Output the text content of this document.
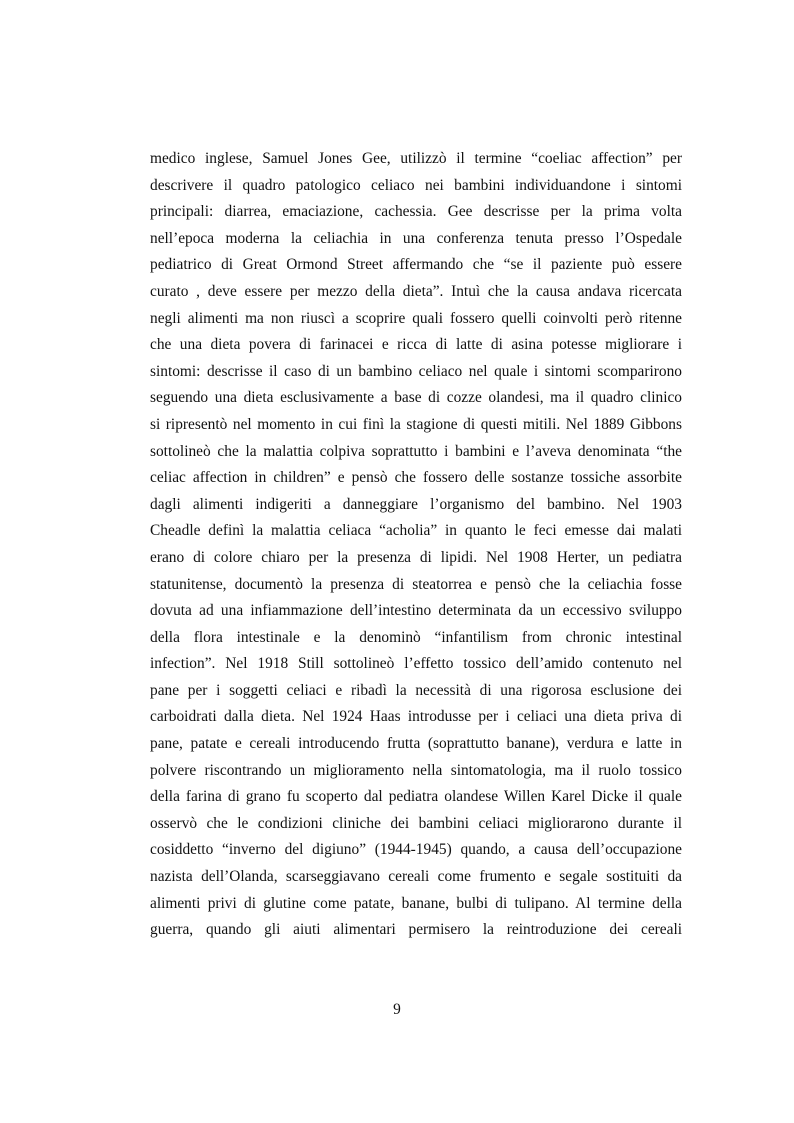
medico inglese, Samuel Jones Gee, utilizzò il termine “coeliac affection” per
descrivere il quadro patologico celiaco nei bambini individuandone i sintomi
principali: diarrea, emaciazione, cachessia. Gee descrisse per la prima volta
nell’epoca moderna la celiachia in una conferenza tenuta presso l’Ospedale
pediatrico di Great Ormond Street affermando che “se il paziente può essere
curato , deve essere per mezzo della dieta”. Intuì che la causa andava ricercata
negli alimenti ma non riuscì a scoprire quali fossero quelli coinvolti però ritenne
che una dieta povera di farinacei e ricca di latte di asina potesse migliorare i
sintomi: descrisse il caso di un bambino celiaco nel quale i sintomi scomparirono
seguendo una dieta esclusivamente a base di cozze olandesi, ma il quadro clinico
si ripresentò nel momento in cui finì la stagione di questi mitili. Nel 1889 Gibbons
sottolineò che la malattia colpiva soprattutto i bambini e l’aveva denominata “the
celiac affection in children” e pensò che fossero delle sostanze tossiche assorbite
dagli alimenti indigeriti a danneggiare l’organismo del bambino. Nel 1903
Cheadle definì la malattia celiaca “acholia” in quanto le feci emesse dai malati
erano di colore chiaro per la presenza di lipidi. Nel 1908 Herter, un pediatra
statunitense, documentò la presenza di steatorrea e pensò che la celiachia fosse
dovuta ad una infiammazione dell’intestino determinata da un eccessivo sviluppo
della flora intestinale e la denominò “infantilism from chronic intestinal
infection”. Nel 1918 Still sottolineò l’effetto tossico dell’amido contenuto nel
pane per i soggetti celiaci e ribadì la necessità di una rigorosa esclusione dei
carboidrati dalla dieta. Nel 1924 Haas introdusse per i celiaci una dieta priva di
pane, patate e cereali introducendo frutta (soprattutto banane), verdura e latte in
polvere riscontrando un miglioramento nella sintomatologia, ma il ruolo tossico
della farina di grano fu scoperto dal pediatra olandese Willen Karel Dicke il quale
osservò che le condizioni cliniche dei bambini celiaci migliorarono durante il
cosiddetto “inverno del digiuno” (1944-1945) quando, a causa dell’occupazione
nazista dell’Olanda, scarseggiavano cereali come frumento e segale sostituiti da
alimenti privi di glutine come patate, banane, bulbi di tulipano. Al termine della
guerra, quando gli aiuti alimentari permisero la reintroduzione dei cereali
9
